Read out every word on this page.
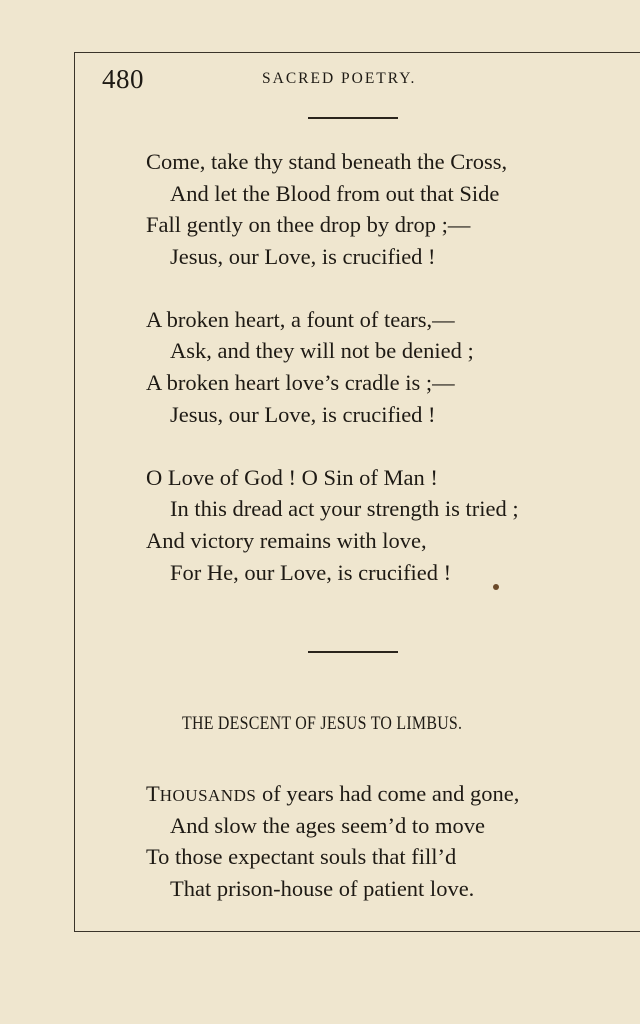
480	SACRED POETRY.
Come, take thy stand beneath the Cross,
And let the Blood from out that Side
Fall gently on thee drop by drop ;—
Jesus, our Love, is crucified !
A broken heart, a fount of tears,—
Ask, and they will not be denied ;
A broken heart love’s cradle is ;—
Jesus, our Love, is crucified !
O Love of God ! O Sin of Man !
In this dread act your strength is tried ;
And victory remains with love,
For He, our Love, is crucified !
THE DESCENT OF JESUS TO LIMBUS.
THOUSANDS of years had come and gone,
And slow the ages seem’d to move
To those expectant souls that fill’d
That prison-house of patient love.
